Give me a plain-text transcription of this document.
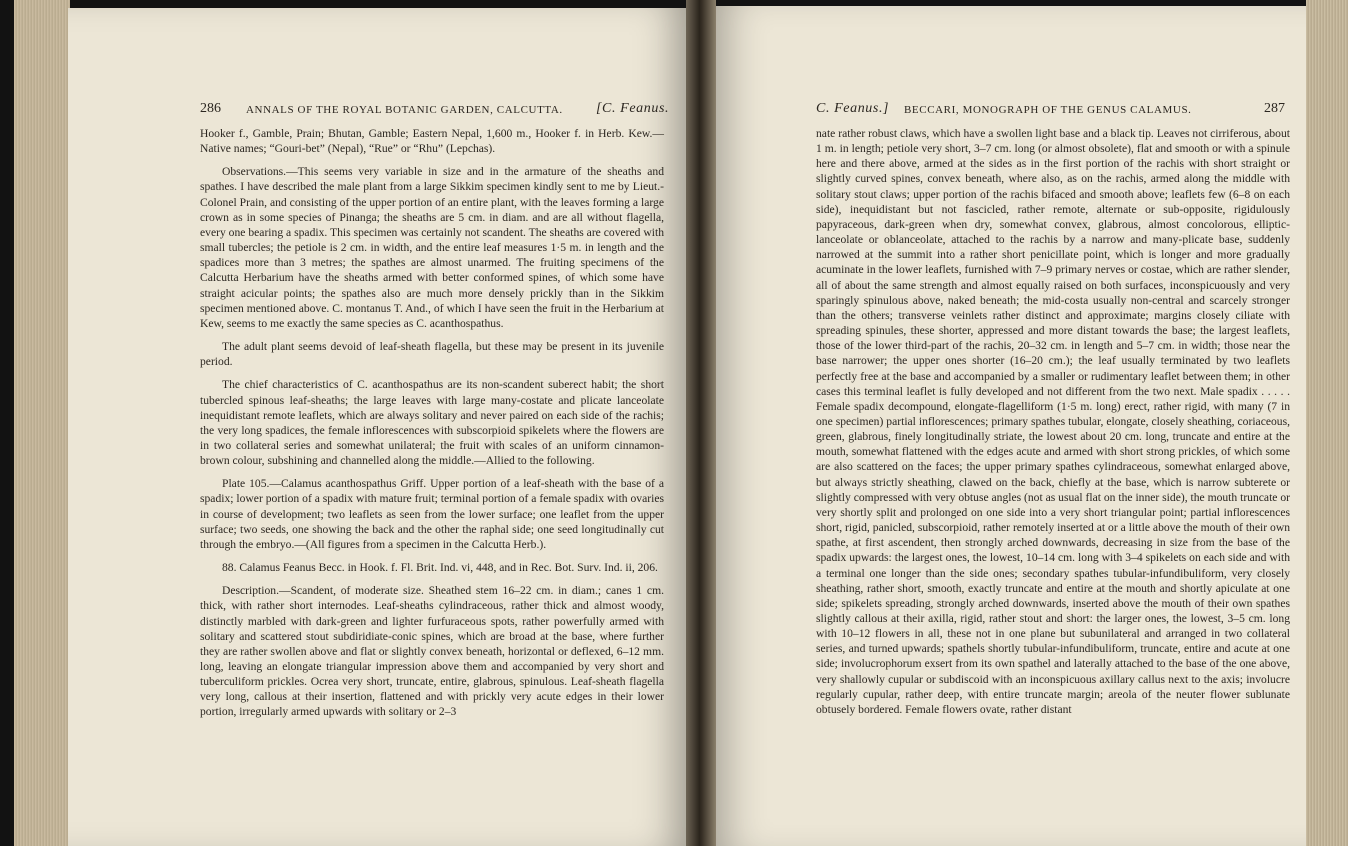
286 ANNALS OF THE ROYAL BOTANIC GARDEN, CALCUTTA. [C. Feanus.	C. Feanus.] BECCARI, MONOGRAPH OF THE GENUS CALAMUS.	287

Hooker f., Gamble, Prain; Bhutan, Gamble; Eastern Nepal, 1,600 m., Hooker f. in Herb. Kew.—Native names; “Gouri-bet” (Nepal), “Rue” or “Rhu” (Lepchas).

Observations.—This seems very variable in size and in the armature of the sheaths and spathes. I have described the male plant from a large Sikkim specimen kindly sent to me by Lieut.-Colonel Prain, and consisting of the upper portion of an entire plant, with the leaves forming a large crown as in some species of Pinanga; the sheaths are 5 cm. in diam. and are all without flagella, every one bearing a spadix. This specimen was certainly not scandent. The sheaths are covered with small tubercles; the petiole is 2 cm. in width, and the entire leaf measures 1·5 m. in length and the spadices more than 3 metres; the spathes are almost unarmed. The fruiting specimens of the Calcutta Herbarium have the sheaths armed with better conformed spines, of which some have straight acicular points; the spathes also are much more densely prickly than in the Sikkim specimen mentioned above. C. montanus T. And., of which I have seen the fruit in the Herbarium at Kew, seems to me exactly the same species as C. acanthospathus.

The adult plant seems devoid of leaf-sheath flagella, but these may be present in its juvenile period.

The chief characteristics of C. acanthospathus are its non-scandent suberect habit; the short tubercled spinous leaf-sheaths; the large leaves with large many-costate and plicate lanceolate inequidistant remote leaflets, which are always solitary and never paired on each side of the rachis; the very long spadices, the female inflorescences with subscorpioid spikelets where the flowers are in two collateral series and somewhat unilateral; the fruit with scales of an uniform cinnamon-brown colour, subshining and channelled along the middle.—Allied to the following.

Plate 105.—Calamus acanthospathus Griff. Upper portion of a leaf-sheath with the base of a spadix; lower portion of a spadix with mature fruit; terminal portion of a female spadix with ovaries in course of development; two leaflets as seen from the lower surface; one leaflet from the upper surface; two seeds, one showing the back and the other the raphal side; one seed longitudinally cut through the embryo.—(All figures from a specimen in the Calcutta Herb.).

88. Calamus Feanus Becc. in Hook. f. Fl. Brit. Ind. vi, 448, and in Rec. Bot. Surv. Ind. ii, 206.

Description.—Scandent, of moderate size. Sheathed stem 16–22 cm. in diam.; canes 1 cm. thick, with rather short internodes. Leaf-sheaths cylindraceous, rather thick and almost woody, distinctly marbled with dark-green and lighter furfuraceous spots, rather powerfully armed with solitary and scattered stout subdiridiate-conic spines, which are broad at the base, where further they are rather swollen above and flat or slightly convex beneath, horizontal or deflexed, 6–12 mm. long, leaving an elongate triangular impression above them and accompanied by very short and tuberculiform prickles. Ocrea very short, truncate, entire, glabrous, spinulous. Leaf-sheath flagella very long, callous at their insertion, flattened and with prickly very acute edges in their lower portion, irregularly armed upwards with solitary or 2–3

nate rather robust claws, which have a swollen light base and a black tip. Leaves not cirriferous, about 1 m. in length; petiole very short, 3–7 cm. long (or almost obsolete), flat and smooth or with a spinule here and there above, armed at the sides as in the first portion of the rachis with short straight or slightly curved spines, convex beneath, where also, as on the rachis, armed along the middle with solitary stout claws; upper portion of the rachis bifaced and smooth above; leaflets few (6–8 on each side), inequidistant but not fascicled, rather remote, alternate or sub-opposite, rigidulously papyraceous, dark-green when dry, somewhat convex, glabrous, almost concolorous, elliptic-lanceolate or oblanceolate, attached to the rachis by a narrow and many-plicate base, suddenly narrowed at the summit into a rather short penicillate point, which is longer and more gradually acuminate in the lower leaflets, furnished with 7–9 primary nerves or costae, which are rather slender, all of about the same strength and almost equally raised on both surfaces, inconspicuously and very sparingly spinulous above, naked beneath; the mid-costa usually non-central and scarcely stronger than the others; transverse veinlets rather distinct and approximate; margins closely ciliate with spreading spinules, these shorter, appressed and more distant towards the base; the largest leaflets, those of the lower third-part of the rachis, 20–32 cm. in length and 5–7 cm. in width; those near the base narrower; the upper ones shorter (16–20 cm.); the leaf usually terminated by two leaflets perfectly free at the base and accompanied by a smaller or rudimentary leaflet between them; in other cases this terminal leaflet is fully developed and not different from the two next. Male spadix . . . . . Female spadix decompound, elongate-flagelliform (1·5 m. long) erect, rather rigid, with many (7 in one specimen) partial inflorescences; primary spathes tubular, elongate, closely sheathing, coriaceous, green, glabrous, finely longitudinally striate, the lowest about 20 cm. long, truncate and entire at the mouth, somewhat flattened with the edges acute and armed with short strong prickles, of which some are also scattered on the faces; the upper primary spathes cylindraceous, somewhat enlarged above, but always strictly sheathing, clawed on the back, chiefly at the base, which is narrow subterete or slightly compressed with very obtuse angles (not as usual flat on the inner side), the mouth truncate or very shortly split and prolonged on one side into a very short triangular point; partial inflorescences short, rigid, panicled, subscorpioid, rather remotely inserted at or a little above the mouth of their own spathe, at first ascendent, then strongly arched downwards, decreasing in size from the base of the spadix upwards: the largest ones, the lowest, 10–14 cm. long with 3–4 spikelets on each side and with a terminal one longer than the side ones; secondary spathes tubular-infundibuliform, very closely sheathing, rather short, smooth, exactly truncate and entire at the mouth and shortly apiculate at one side; spikelets spreading, strongly arched downwards, inserted above the mouth of their own spathes slightly callous at their axilla, rigid, rather stout and short: the larger ones, the lowest, 3–5 cm. long with 10–12 flowers in all, these not in one plane but subunilateral and arranged in two collateral series, and turned upwards; spathels shortly tubular-infundibuliform, truncate, entire and acute at one side; involucrophorum exsert from its own spathel and laterally attached to the base of the one above, very shallowly cupular or subdiscoid with an inconspicuous axillary callus next to the axis; involucre regularly cupular, rather deep, with entire truncate margin; areola of the neuter flower sublunate obtusely bordered. Female flowers ovate, rather distant
